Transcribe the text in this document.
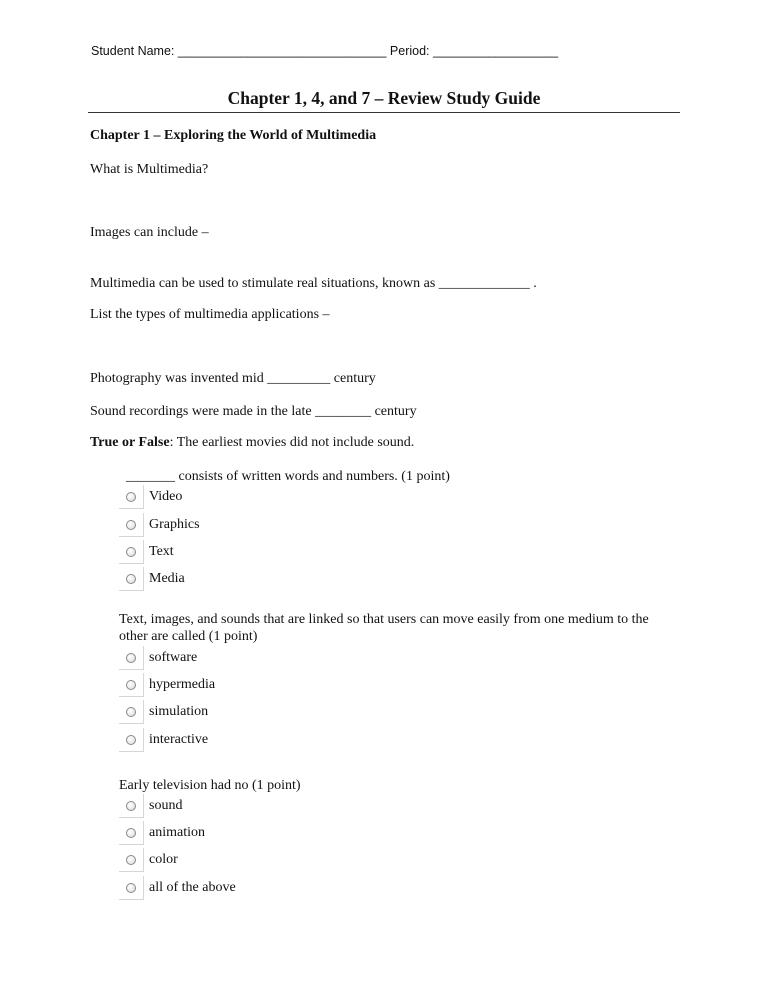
Student Name: ______________________________ Period: __________________
Chapter 1, 4, and 7 – Review Study Guide
Chapter 1 – Exploring the World of Multimedia
What is Multimedia?
Images can include –
Multimedia can be used to stimulate real situations, known as _____________ .
List the types of multimedia applications –
Photography was invented mid _________ century
Sound recordings were made in the late ________ century
True or False: The earliest movies did not include sound.
_______ consists of written words and numbers. (1 point)
Video
Graphics
Text
Media
Text, images, and sounds that are linked so that users can move easily from one medium to the other are called (1 point)
software
hypermedia
simulation
interactive
Early television had no (1 point)
sound
animation
color
all of the above
